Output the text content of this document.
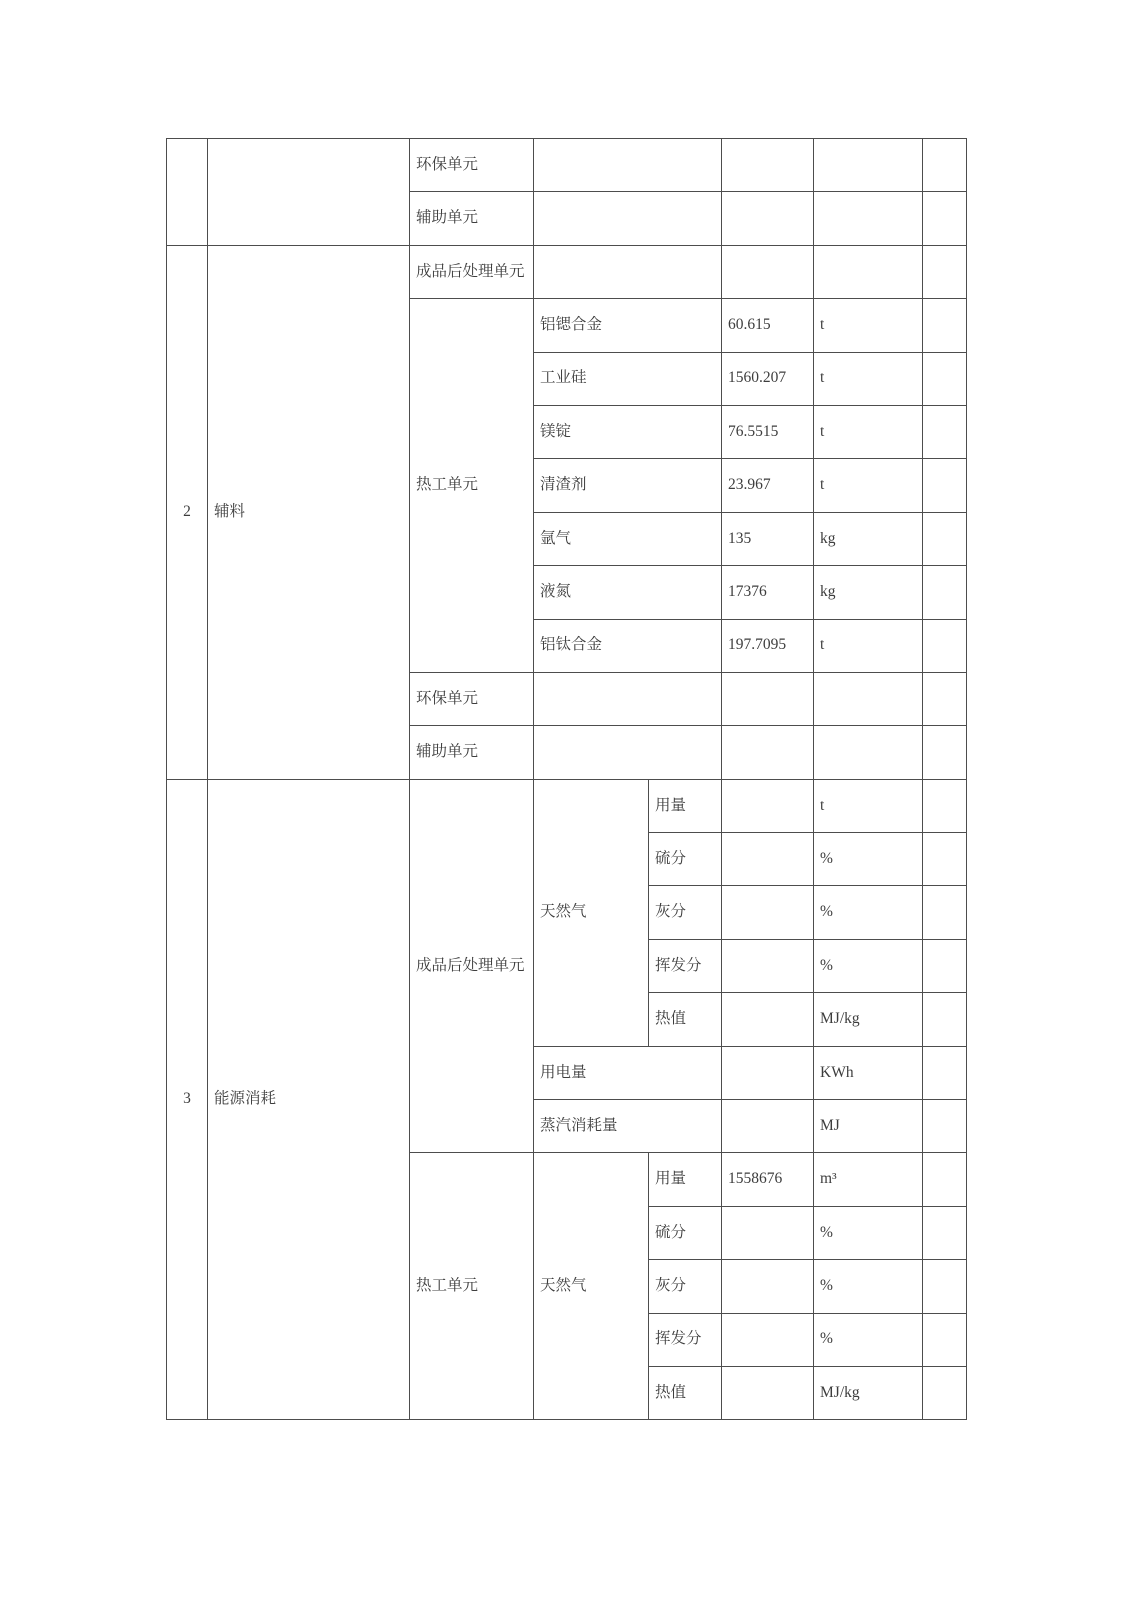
		环保单元					
		辅助单元					
2	辅料	成品后处理单元					
		热工单元	铝锶合金		60.615	t	
			工业硅		1560.207	t	
			镁锭		76.5515	t	
			清渣剂		23.967	t	
			氩气		135	kg	
			液氮		17376	kg	
			铝钛合金		197.7095	t	
		环保单元					
		辅助单元					
3	能源消耗	成品后处理单元	天然气	用量		t	
				硫分		%	
				灰分		%	
				挥发分		%	
				热值		MJ/kg	
			用电量			KWh	
			蒸汽消耗量			MJ	
		热工单元	天然气	用量	1558676	m³	
				硫分		%	
				灰分		%	
				挥发分		%	
				热值		MJ/kg	
